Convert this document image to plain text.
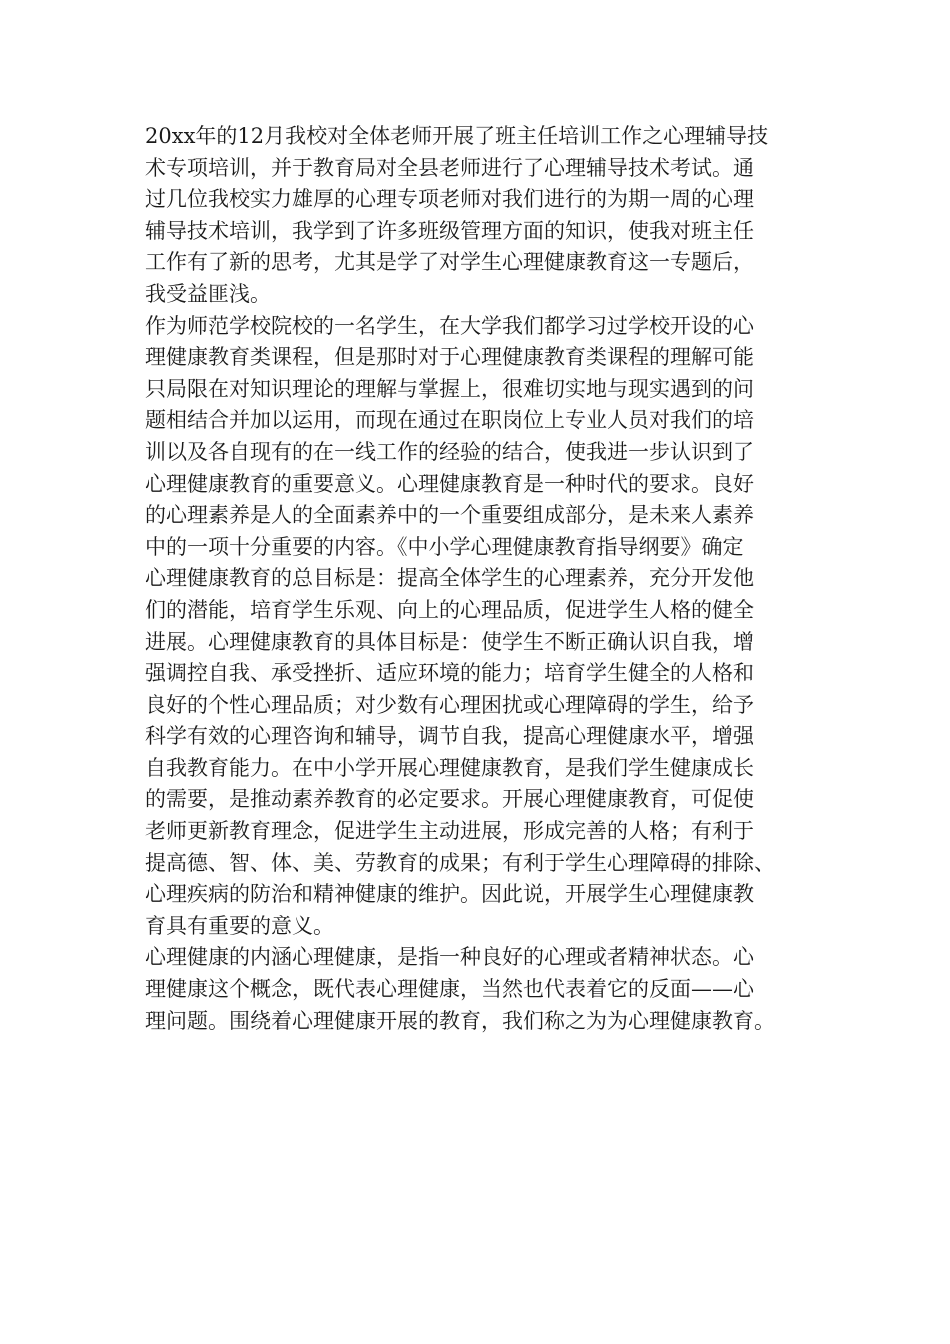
20xx年的12月我校对全体老师开展了班主任培训工作之心理辅导技
术专项培训，并于教育局对全县老师进行了心理辅导技术考试。通
过几位我校实力雄厚的心理专项老师对我们进行的为期一周的心理
辅导技术培训，我学到了许多班级管理方面的知识，使我对班主任
工作有了新的思考，尤其是学了对学生心理健康教育这一专题后，
我受益匪浅。
作为师范学校院校的一名学生，在大学我们都学习过学校开设的心
理健康教育类课程，但是那时对于心理健康教育类课程的理解可能
只局限在对知识理论的理解与掌握上，很难切实地与现实遇到的问
题相结合并加以运用，而现在通过在职岗位上专业人员对我们的培
训以及各自现有的在一线工作的经验的结合，使我进一步认识到了
心理健康教育的重要意义。心理健康教育是一种时代的要求。良好
的心理素养是人的全面素养中的一个重要组成部分，是未来人素养
中的一项十分重要的内容。《中小学心理健康教育指导纲要》确定
心理健康教育的总目标是：提高全体学生的心理素养，充分开发他
们的潜能，培育学生乐观、向上的心理品质，促进学生人格的健全
进展。心理健康教育的具体目标是：使学生不断正确认识自我，增
强调控自我、承受挫折、适应环境的能力；培育学生健全的人格和
良好的个性心理品质；对少数有心理困扰或心理障碍的学生，给予
科学有效的心理咨询和辅导，调节自我，提高心理健康水平，增强
自我教育能力。在中小学开展心理健康教育，是我们学生健康成长
的需要，是推动素养教育的必定要求。开展心理健康教育，可促使
老师更新教育理念，促进学生主动进展，形成完善的人格；有利于
提高德、智、体、美、劳教育的成果；有利于学生心理障碍的排除、
心理疾病的防治和精神健康的维护。因此说，开展学生心理健康教
育具有重要的意义。
心理健康的内涵心理健康，是指一种良好的心理或者精神状态。心
理健康这个概念，既代表心理健康，当然也代表着它的反面——心
理问题。围绕着心理健康开展的教育，我们称之为为心理健康教育。
